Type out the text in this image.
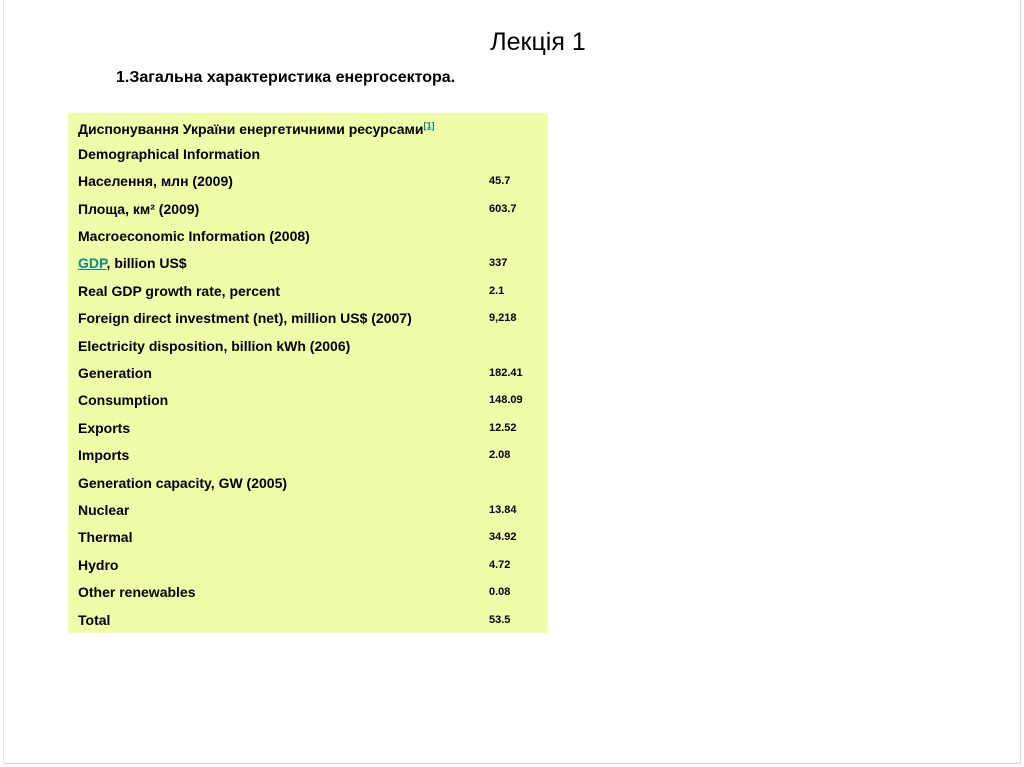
Лекція 1
1.Загальна характеристика енергосектора.
Диспонування України енергетичними ресурсами[1]
Demographical Information
Населення, млн (2009)	45.7
Площа, км² (2009)	603.7
Macroeconomic Information (2008)
GDP, billion US$	337
Real GDP growth rate, percent	2.1
Foreign direct investment (net), million US$ (2007)	9,218
Electricity disposition, billion kWh (2006)
Generation	182.41
Consumption	148.09
Exports	12.52
Imports	2.08
Generation capacity, GW (2005)
Nuclear	13.84
Thermal	34.92
Hydro	4.72
Other renewables	0.08
Total	53.5
